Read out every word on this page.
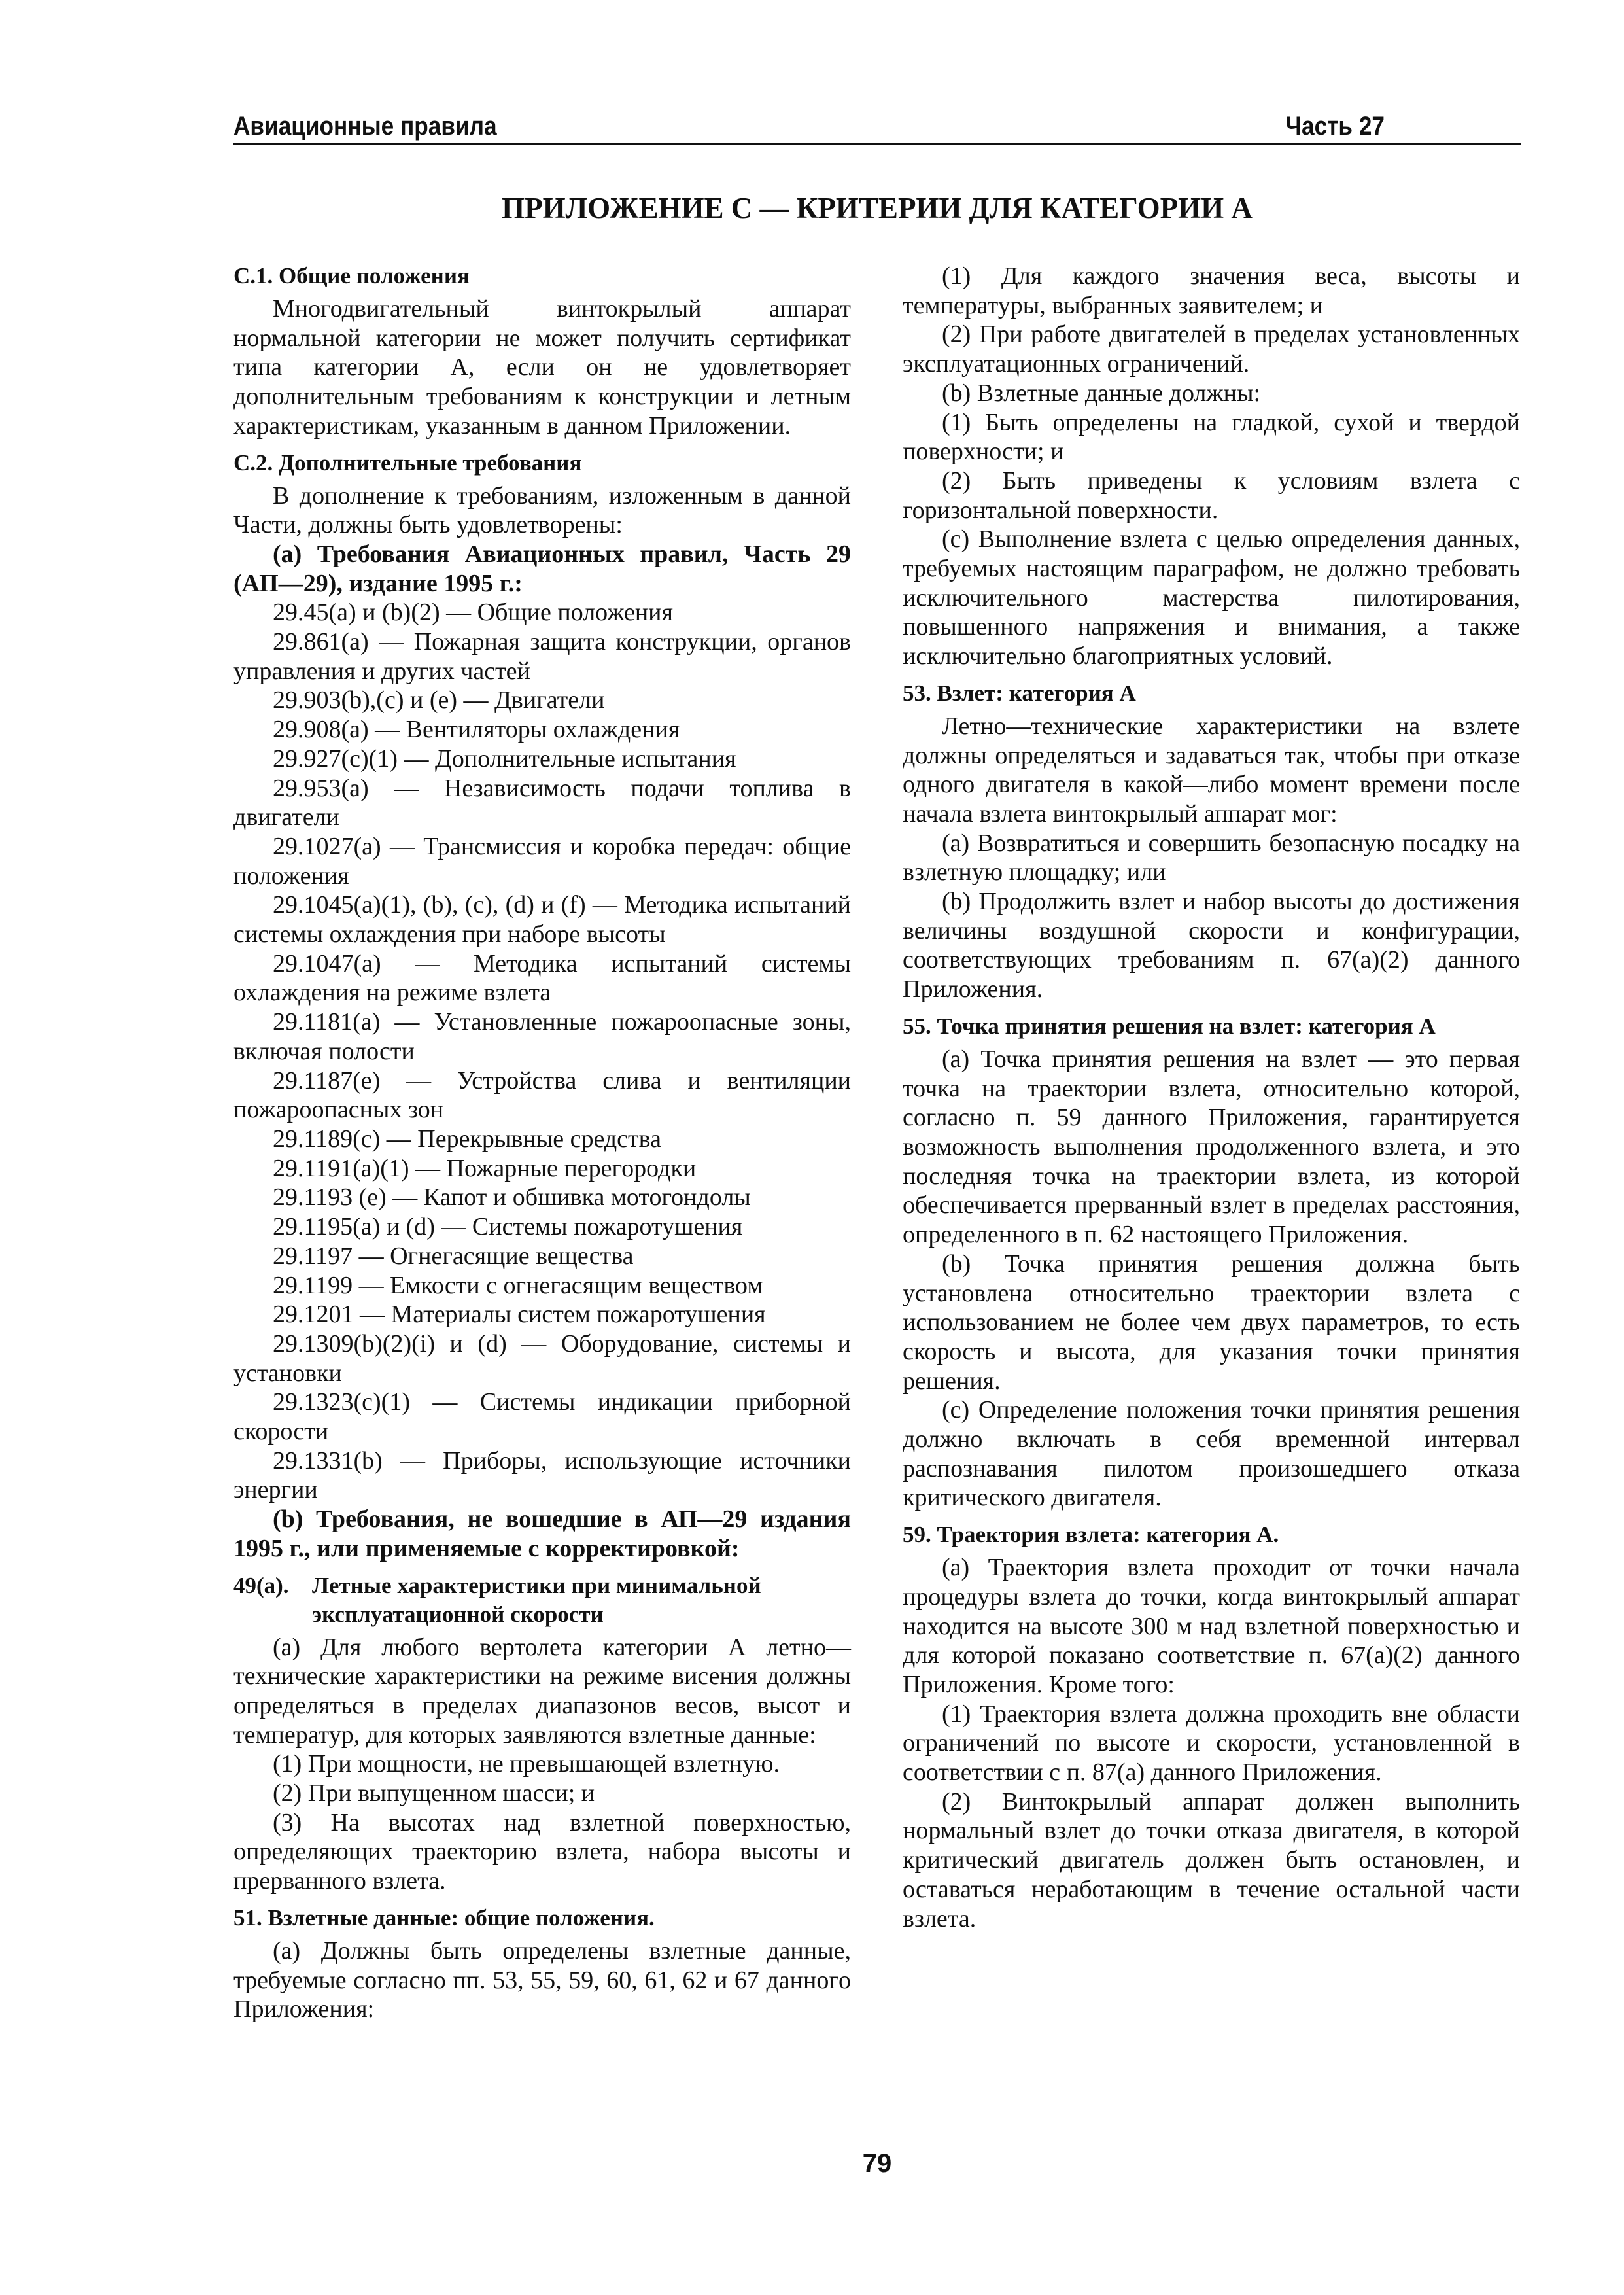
Авиационные правила	Часть 27
ПРИЛОЖЕНИЕ С — КРИТЕРИИ ДЛЯ КАТЕГОРИИ А
С.1. Общие положения

Многодвигательный винтокрылый аппарат нормальной категории не может получить сертификат типа категории А, если он не удовлетворяет дополнительным требованиям к конструкции и летным характеристикам, указанным в данном Приложении.

С.2. Дополнительные требования

В дополнение к требованиям, изложенным в данной Части, должны быть удовлетворены:

(а) Требования Авиационных правил, Часть 29 (АП—29), издание 1995 г.:

29.45(а) и (b)(2) — Общие положения

29.861(а) — Пожарная защита конструкции, органов управления и других частей

29.903(b),(с) и (е) — Двигатели

29.908(а) — Вентиляторы охлаждения

29.927(с)(1) — Дополнительные испытания

29.953(а) — Независимость подачи топлива в двигатели

29.1027(а) — Трансмиссия и коробка передач: общие положения

29.1045(а)(1), (b), (с), (d) и (f) — Методика испытаний системы охлаждения при наборе высоты

29.1047(а) — Методика испытаний системы охлаждения на режиме взлета

29.1181(а) — Установленные пожароопасные зоны, включая полости

29.1187(е) — Устройства слива и вентиляции пожароопасных зон

29.1189(с) — Перекрывные средства

29.1191(а)(1) — Пожарные перегородки

29.1193 (е) — Капот и обшивка мотогондолы

29.1195(а) и (d) — Системы пожаротушения

29.1197 — Огнегасящие вещества

29.1199 — Емкости с огнегасящим веществом

29.1201 — Материалы систем пожаротушения

29.1309(b)(2)(i) и (d) — Оборудование, системы и установки

29.1323(с)(1) — Системы индикации приборной скорости

29.1331(b) — Приборы, использующие источники энергии

(b) Требования, не вошедшие в АП—29 издания 1995 г., или применяемые с корректировкой:

49(а). Летные характеристики при минимальной эксплуатационной скорости

(а) Для любого вертолета категории А летно—технические характеристики на режиме висения должны определяться в пределах диапазонов весов, высот и температур, для которых заявляются взлетные данные:

(1) При мощности, не превышающей взлетную.

(2) При выпущенном шасси; и

(3) На высотах над взлетной поверхностью, определяющих траекторию взлета, набора высоты и прерванного взлета.

51. Взлетные данные: общие положения.

(а) Должны быть определены взлетные данные, требуемые согласно пп. 53, 55, 59, 60, 61, 62 и 67 данного Приложения:

(1) Для каждого значения веса, высоты и температуры, выбранных заявителем; и

(2) При работе двигателей в пределах установленных эксплуатационных ограничений.

(b) Взлетные данные должны:

(1) Быть определены на гладкой, сухой и твердой поверхности; и

(2) Быть приведены к условиям взлета с горизонтальной поверхности.

(с) Выполнение взлета с целью определения данных, требуемых настоящим параграфом, не должно требовать исключительного мастерства пилотирования, повышенного напряжения и внимания, а также исключительно благоприятных условий.

53. Взлет: категория А

Летно—технические характеристики на взлете должны определяться и задаваться так, чтобы при отказе одного двигателя в какой—либо момент времени после начала взлета винтокрылый аппарат мог:

(а) Возвратиться и совершить безопасную посадку на взлетную площадку; или

(b) Продолжить взлет и набор высоты до достижения величины воздушной скорости и конфигурации, соответствующих требованиям п. 67(а)(2) данного Приложения.

55. Точка принятия решения на взлет: категория А

(а) Точка принятия решения на взлет — это первая точка на траектории взлета, относительно которой, согласно п. 59 данного Приложения, гарантируется возможность выполнения продолженного взлета, и это последняя точка на траектории взлета, из которой обеспечивается прерванный взлет в пределах расстояния, определенного в п. 62 настоящего Приложения.

(b) Точка принятия решения должна быть установлена относительно траектории взлета с использованием не более чем двух параметров, то есть скорость и высота, для указания точки принятия решения.

(с) Определение положения точки принятия решения должно включать в себя временной интервал распознавания пилотом произошедшего отказа критического двигателя.

59. Траектория взлета: категория А.

(а) Траектория взлета проходит от точки начала процедуры взлета до точки, когда винтокрылый аппарат находится на высоте 300 м над взлетной поверхностью и для которой показано соответствие п. 67(а)(2) данного Приложения. Кроме того:

(1) Траектория взлета должна проходить вне области ограничений по высоте и скорости, установленной в соответствии с п. 87(а) данного Приложения.

(2) Винтокрылый аппарат должен выполнить нормальный взлет до точки отказа двигателя, в которой критический двигатель должен быть остановлен, и оставаться неработающим в течение остальной части взлета.

79
